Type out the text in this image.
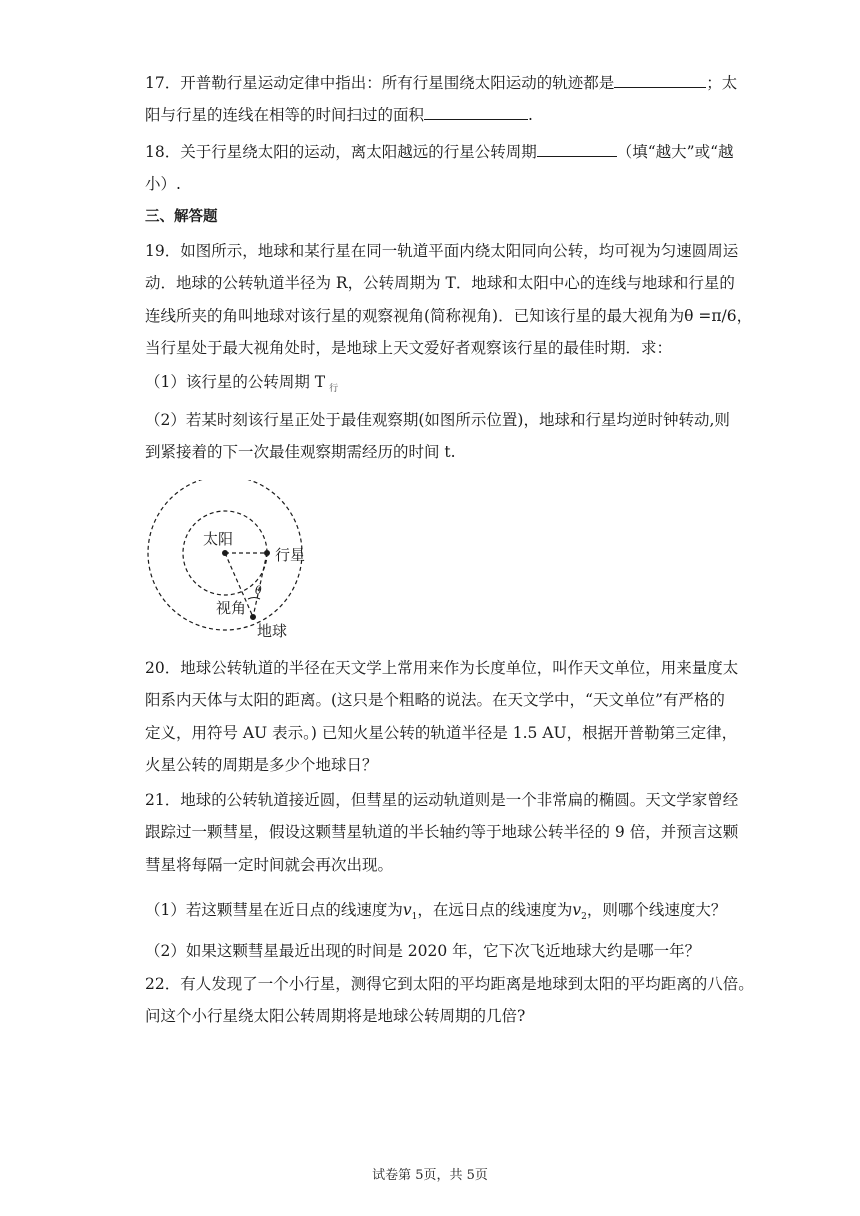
17．开普勒行星运动定律中指出：所有行星围绕太阳运动的轨迹都是	；太
阳与行星的连线在相等的时间扫过的面积	.
18．关于行星绕太阳的运动，离太阳越远的行星公转周期	（填“越大”或“越
小）.
三、解答题
19．如图所示，地球和某行星在同一轨道平面内绕太阳同向公转，均可视为匀速圆周运
动．地球的公转轨道半径为 R，公转周期为 T．地球和太阳中心的连线与地球和行星的
连线所夹的角叫地球对该行星的观察视角(简称视角)．已知该行星的最大视角为θ =π/6，
当行星处于最大视角处时，是地球上天文爱好者观察该行星的最佳时期．求：
（1）该行星的公转周期 T $_行$
（2）若某时刻该行星正处于最佳观察期(如图所示位置)，地球和行星均逆时钟转动,则
到紧接着的下一次最佳观察期需经历的时间 t.
太阳
行星
视角
地球
θ
20．地球公转轨道的半径在天文学上常用来作为长度单位，叫作天文单位，用来量度太
阳系内天体与太阳的距离。(这只是个粗略的说法。在天文学中，“天文单位”有严格的
定义，用符号 AU 表示。) 已知火星公转的轨道半径是 1.5 AU，根据开普勒第三定律，
火星公转的周期是多少个地球日？
21．地球的公转轨道接近圆，但彗星的运动轨道则是一个非常扁的椭圆。天文学家曾经
跟踪过一颗彗星，假设这颗彗星轨道的半长轴约等于地球公转半径的 9 倍，并预言这颗
彗星将每隔一定时间就会再次出现。
（1）若这颗彗星在近日点的线速度为$v_1$，在远日点的线速度为$v_2$，则哪个线速度大？
（2）如果这颗彗星最近出现的时间是 2020 年，它下次飞近地球大约是哪一年？
22．有人发现了一个小行星，测得它到太阳的平均距离是地球到太阳的平均距离的八倍。
问这个小行星绕太阳公转周期将是地球公转周期的几倍?
试卷第 5页，共 5页
